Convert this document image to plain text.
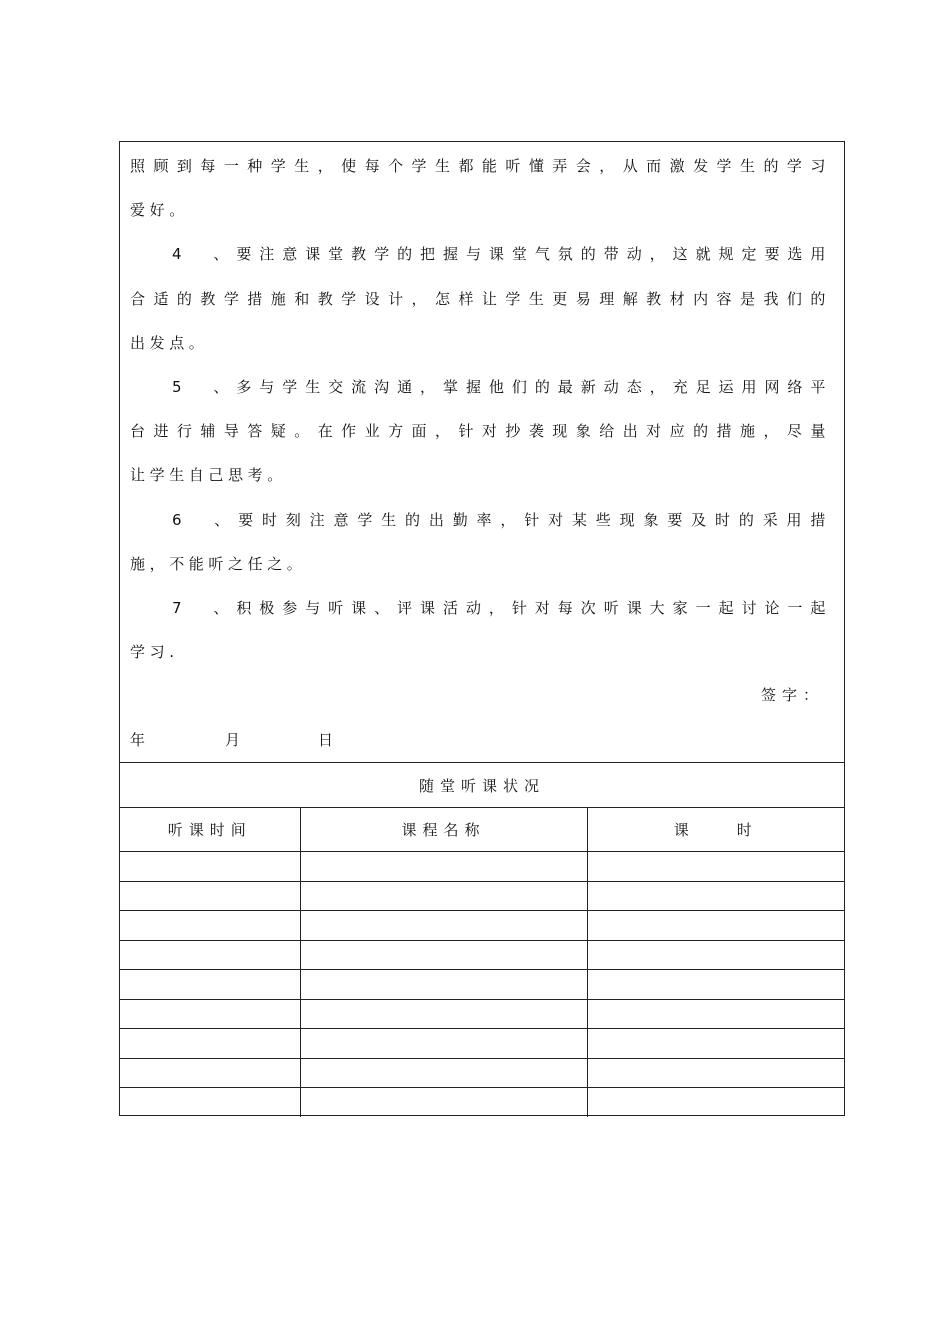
照顾到每一种学生，使每个学生都能听懂弄会，从而激发学生的学习
爱好。
4 、要注意课堂教学的把握与课堂气氛的带动，这就规定要选用
合适的教学措施和教学设计，怎样让学生更易理解教材内容是我们的
出发点。
5 、多与学生交流沟通，掌握他们的最新动态，充足运用网络平
台进行辅导答疑。在作业方面，针对抄袭现象给出对应的措施，尽量
让学生自己思考。
6 、要时刻注意学生的出勤率，针对某些现象要及时的采用措
施，不能听之任之。
7 、积极参与听课、评课活动，针对每次听课大家一起讨论一起
学习.
签字：
年	月	日
随堂听课状况
听课时间	课程名称	课　　时
